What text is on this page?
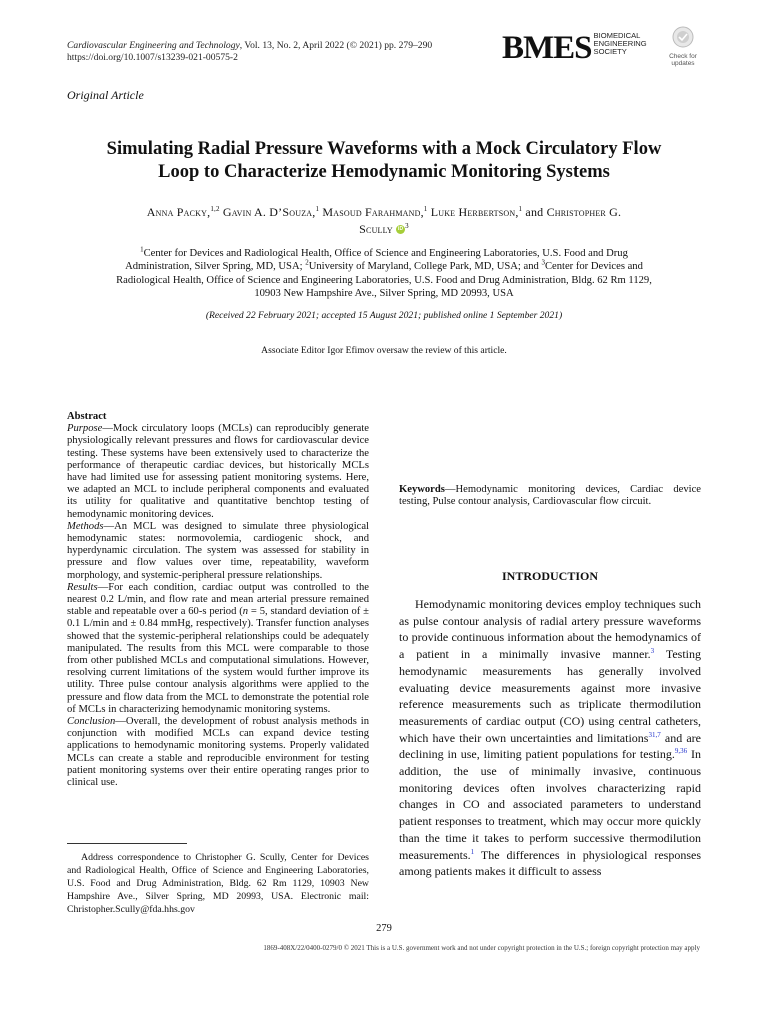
Cardiovascular Engineering and Technology, Vol. 13, No. 2, April 2022 (© 2021) pp. 279–290
https://doi.org/10.1007/s13239-021-00575-2	BMES BIOMEDICAL
ENGINEERING
SOCIETY
Check for
updates
Original Article
Simulating Radial Pressure Waveforms with a Mock Circulatory Flow
Loop to Characterize Hemodynamic Monitoring Systems
Anna Packy,$^{1,2}$ Gavin A. D’Souza,$^1$ Masoud Farahmand,$^1$ Luke Herbertson,$^1$ and Christopher G.
Scully iD $^3$
$^1$Center for Devices and Radiological Health, Office of Science and Engineering Laboratories, U.S. Food and Drug
Administration, Silver Spring, MD, USA; $^2$University of Maryland, College Park, MD, USA; and $^3$Center for Devices and
Radiological Health, Office of Science and Engineering Laboratories, U.S. Food and Drug Administration, Bldg. 62 Rm 1129,
10903 New Hampshire Ave., Silver Spring, MD 20993, USA
(Received 22 February 2021; accepted 15 August 2021; published online 1 September 2021)
Associate Editor Igor Efimov oversaw the review of this article.

Abstract

Purpose—Mock circulatory loops (MCLs) can reproducibly generate physiologically relevant pressures and flows for cardiovascular device testing. These systems have been extensively used to characterize the performance of therapeutic cardiac devices, but historically MCLs have had limited use for assessing patient monitoring systems. Here, we adapted an MCL to include peripheral components and evaluated its utility for qualitative and quantitative benchtop testing of hemodynamic monitoring devices.

Methods—An MCL was designed to simulate three physiological hemodynamic states: normovolemia, cardiogenic shock, and hyperdynamic circulation. The system was assessed for stability in pressure and flow values over time, repeatability, waveform morphology, and systemic-peripheral pressure relationships.

Results—For each condition, cardiac output was controlled to the nearest 0.2 L/min, and flow rate and mean arterial pressure remained stable and repeatable over a 60-s period (n = 5, standard deviation of ± 0.1 L/min and ± 0.84 mmHg, respectively). Transfer function analyses showed that the systemic-peripheral relationships could be adequately manipulated. The results from this MCL were comparable to those from other published MCLs and computational simulations. However, resolving current limitations of the system would further improve its utility. Three pulse contour analysis algorithms were applied to the pressure and flow data from the MCL to demonstrate the potential role of MCLs in characterizing hemodynamic monitoring systems.

Conclusion—Overall, the development of robust analysis methods in conjunction with modified MCLs can expand device testing applications to hemodynamic monitoring systems. Properly validated MCLs can create a stable and reproducible environment for testing patient monitoring systems over their entire operating ranges prior to clinical use.

Address correspondence to Christopher G. Scully, Center for Devices and Radiological Health, Office of Science and Engineering Laboratories, U.S. Food and Drug Administration, Bldg. 62 Rm 1129, 10903 New Hampshire Ave., Silver Spring, MD 20993, USA. Electronic mail: Christopher.Scully@fda.hhs.gov

Keywords—Hemodynamic monitoring devices, Cardiac device testing, Pulse contour analysis, Cardiovascular flow circuit.

INTRODUCTION

Hemodynamic monitoring devices employ techniques such as pulse contour analysis of radial artery pressure waveforms to provide continuous information about the hemodynamics of a patient in a minimally invasive manner.$^3$ Testing hemodynamic measurements has generally involved evaluating device measurements against more invasive reference measurements such as triplicate thermodilution measurements of cardiac output (CO) using central catheters, which have their own uncertainties and limitations$^{31,7}$ and are declining in use, limiting patient populations for testing.$^{9,36}$ In addition, the use of minimally invasive, continuous monitoring devices often involves characterizing rapid changes in CO and associated parameters to understand patient responses to treatment, which may occur more quickly than the time it takes to perform successive thermodilution measurements.$^1$ The differences in physiological responses among patients makes it difficult to assess

279
1869-408X/22/0400-0279/0 © 2021 This is a U.S. government work and not under copyright protection in the U.S.; foreign copyright protection may apply
